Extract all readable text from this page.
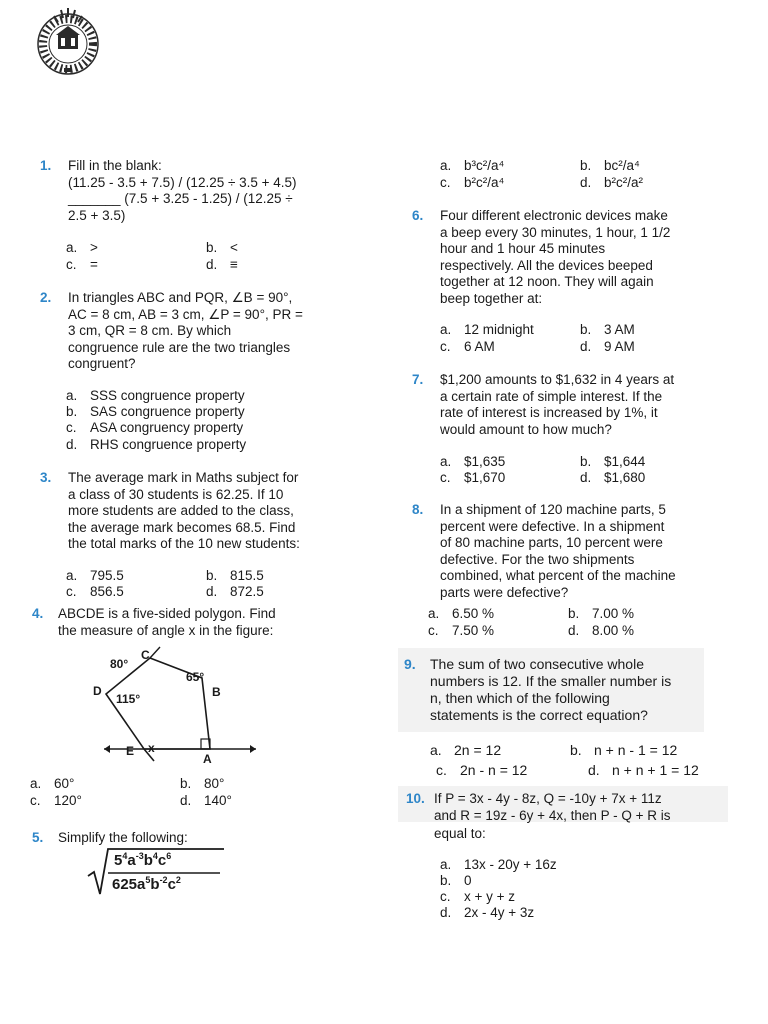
1. Fill in the blank:
(11.25 - 3.5 + 7.5) / (12.25 ÷ 3.5 + 4.5)
_______ (7.5 + 3.25 - 1.25) / (12.25 ÷
2.5 + 3.5)
a. >	b. <
c. =	d. ≡
2. In triangles ABC and PQR, ∠B = 90°,
AC = 8 cm, AB = 3 cm, ∠P = 90°, PR =
3 cm, QR = 8 cm. By which
congruence rule are the two triangles
congruent?
a. SSS congruence property
b. SAS congruence property
c. ASA congruency property
d. RHS congruence property
3. The average mark in Maths subject for
a class of 30 students is 62.25. If 10
more students are added to the class,
the average mark becomes 68.5. Find
the total marks of the 10 new students:
a. 795.5	b. 815.5
c. 856.5	d. 872.5
4. ABCDE is a five-sided polygon. Find
the measure of angle x in the figure:
80°
C
65°
B
D
115°
E x
A
a. 60°	b. 80°
c. 120°	d. 140°
5. Simplify the following:
$5^4a^{-3}b^4c^6$
$625a^5b^{-2}c^2$
a. b³c²/a⁴	b. bc²/a⁴
c. b²c²/a⁴	d. b²c²/a²
6. Four different electronic devices make
a beep every 30 minutes, 1 hour, 1 1/2
hour and 1 hour 45 minutes
respectively. All the devices beeped
together at 12 noon. They will again
beep together at:
a. 12 midnight	b. 3 AM
c. 6 AM	d. 9 AM
7. $1,200 amounts to $1,632 in 4 years at
a certain rate of simple interest. If the
rate of interest is increased by 1%, it
would amount to how much?
a. $1,635	b. $1,644
c. $1,670	d. $1,680
8. In a shipment of 120 machine parts, 5
percent were defective. In a shipment
of 80 machine parts, 10 percent were
defective. For the two shipments
combined, what percent of the machine
parts were defective?
a. 6.50 %	b. 7.00 %
c. 7.50 %	d. 8.00 %
9. The sum of two consecutive whole
numbers is 12. If the smaller number is
n, then which of the following
statements is the correct equation?
a. 2n = 12	b. n + n - 1 = 12
c. 2n - n = 12	d. n + n + 1 = 12
10. If P = 3x - 4y - 8z, Q = -10y + 7x + 11z
and R = 19z - 6y + 4x, then P - Q + R is
equal to:
a. 13x - 20y + 16z
b. 0
c. x + y + z
d. 2x - 4y + 3z
